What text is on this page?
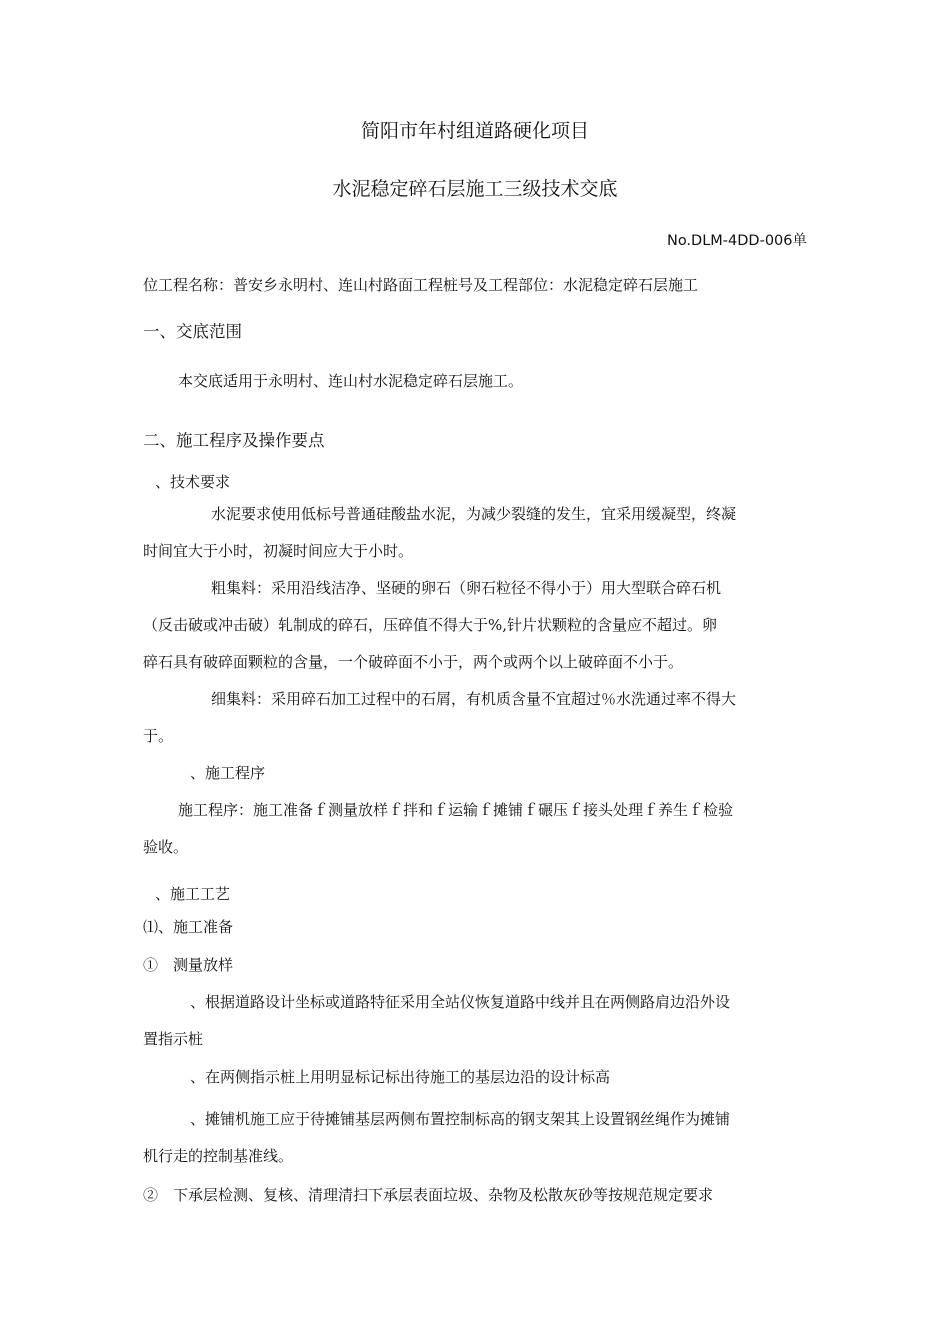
简阳市年村组道路硬化项目
水泥稳定碎石层施工三级技术交底
No.DLM-4DD-006单
位工程名称：普安乡永明村、连山村路面工程桩号及工程部位：水泥稳定碎石层施工
一、交底范围
本交底适用于永明村、连山村水泥稳定碎石层施工。
二、施工程序及操作要点
、技术要求
水泥要求使用低标号普通硅酸盐水泥，为减少裂缝的发生，宜采用缓凝型，终凝
时间宜大于小时，初凝时间应大于小时。
粗集料：采用沿线洁净、坚硬的卵石（卵石粒径不得小于）用大型联合碎石机
（反击破或冲击破）轧制成的碎石，压碎值不得大于%,针片状颗粒的含量应不超过。卵
碎石具有破碎面颗粒的含量，一个破碎面不小于，两个或两个以上破碎面不小于。
细集料：采用碎石加工过程中的石屑，有机质含量不宜超过％水洗通过率不得大
于。
、施工程序
施工程序：施工准备ｆ测量放样ｆ拌和ｆ运输ｆ摊铺ｆ碾压ｆ接头处理ｆ养生ｆ检验
验收。
、施工工艺
⑴、施工准备
①　测量放样
、根据道路设计坐标或道路特征采用全站仪恢复道路中线并且在两侧路肩边沿外设
置指示桩
、在两侧指示桩上用明显标记标出待施工的基层边沿的设计标高
、摊铺机施工应于待摊铺基层两侧布置控制标高的钢支架其上设置钢丝绳作为摊铺
机行走的控制基准线。
②　下承层检测、复核、清理清扫下承层表面垃圾、杂物及松散灰砂等按规范规定要求
